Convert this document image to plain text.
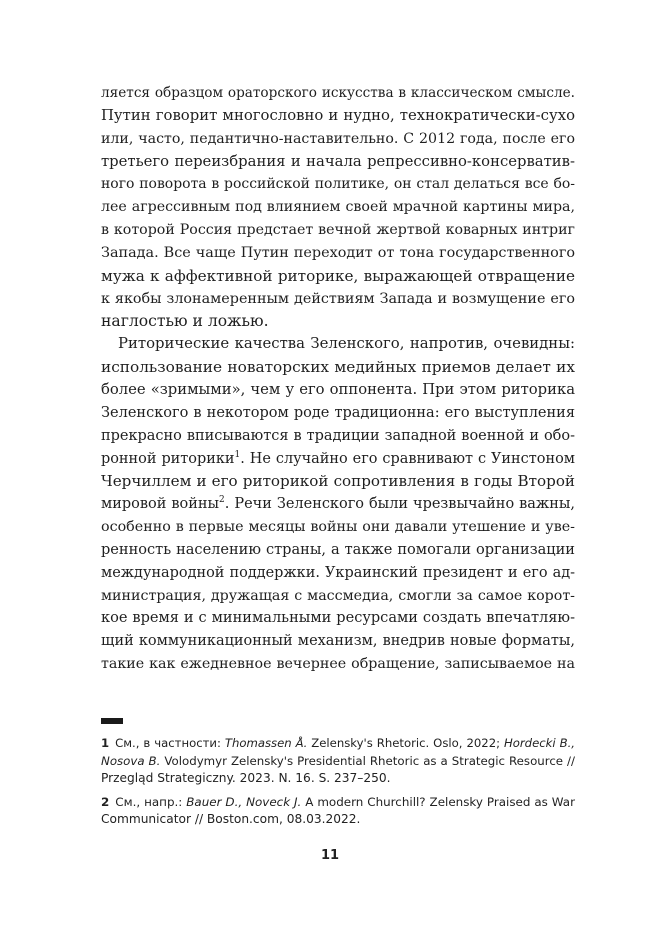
ляется образцом ораторского искусства в классическом смысле.
Путин говорит многословно и нудно, технократически-сухо
или, часто, педантично-наставительно. С 2012 года, после его
третьего переизбрания и начала репрессивно-консерватив-
ного поворота в российской политике, он стал делаться все бо-
лее агрессивным под влиянием своей мрачной картины мира,
в которой Россия предстает вечной жертвой коварных интриг
Запада. Все чаще Путин переходит от тона государственного
мужа к аффективной риторике, выражающей отвращение
к якобы злонамеренным действиям Запада и возмущение его
наглостью и ложью.
Риторические качества Зеленского, напротив, очевидны:
использование новаторских медийных приемов делает их
более «зримыми», чем у его оппонента. При этом риторика
Зеленского в некотором роде традиционна: его выступления
прекрасно вписываются в традиции западной военной и обо-
ронной риторики$^1$. Не случайно его сравнивают с Уинстоном
Черчиллем и его риторикой сопротивления в годы Второй
мировой войны$^2$. Речи Зеленского были чрезвычайно важны,
особенно в первые месяцы войны они давали утешение и уве-
ренность населению страны, а также помогали организации
международной поддержки. Украинский президент и его ад-
министрация, дружащая с массмедиа, смогли за самое корот-
кое время и с минимальными ресурсами создать впечатляю-
щий коммуникационный механизм, внедрив новые форматы,
такие как ежедневное вечернее обращение, записываемое на
1 См., в частности: Thomassen Å. Zelensky's Rhetoric. Oslo, 2022; Hordecki B.,
Nosova B. Volodymyr Zelensky's Presidential Rhetoric as a Strategic Resource //
Przegląd Strategiczny. 2023. N. 16. S. 237–250.
2 См., напр.: Bauer D., Noveck J. A modern Churchill? Zelensky Praised as War
Communicator // Boston.com, 08.03.2022.
11
